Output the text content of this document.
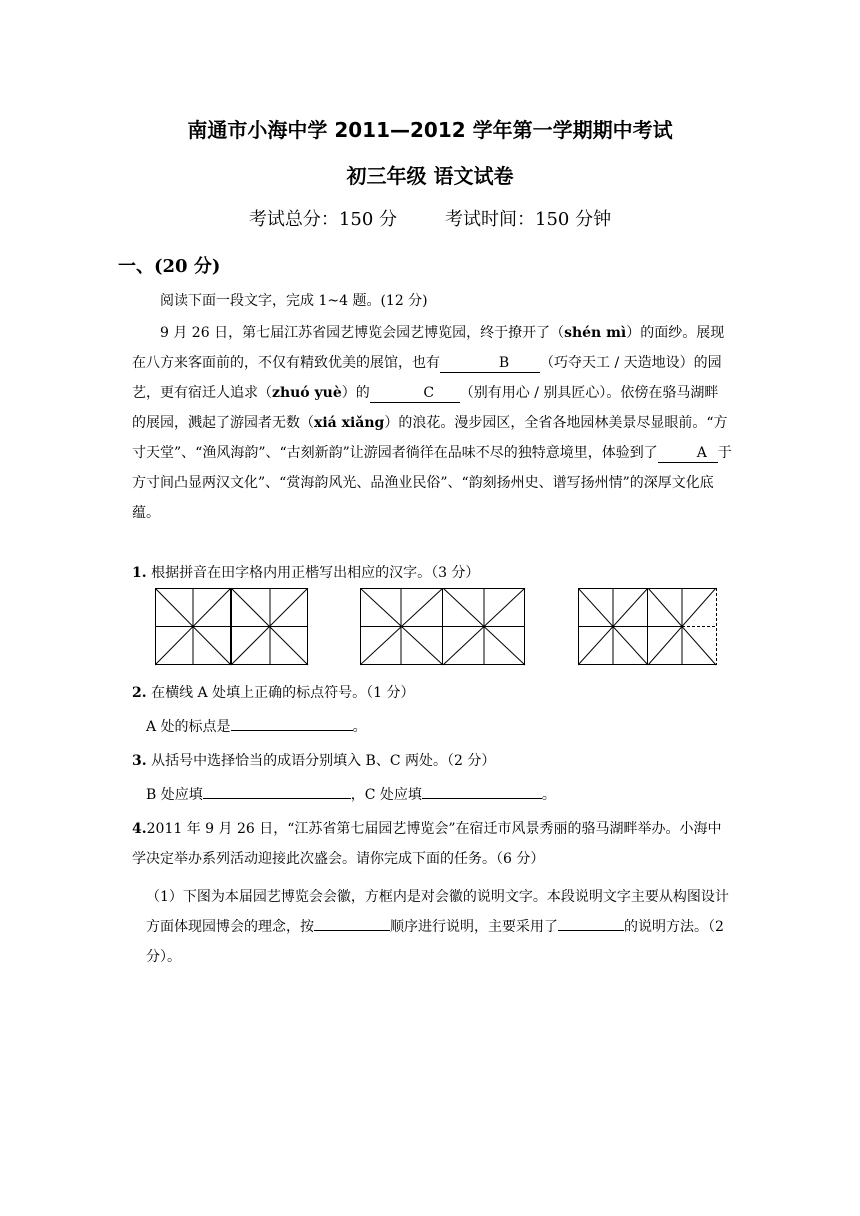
南通市小海中学 2011—2012 学年第一学期期中考试
初三年级 语文试卷
考试总分：150 分	考试时间：150 分钟
一、(20 分)
阅读下面一段文字，完成 1~4 题。(12 分)
9 月 26 日，第七届江苏省园艺博览会园艺博览园，终于撩开了（shén mì）的面纱。展现在八方来客面前的，不仅有精致优美的展馆，也有	B （巧夺天工 / 天造地设）的园艺，更有宿迁人追求（zhuó yuè）的	C （别有用心 / 别具匠心）。依傍在骆马湖畔的展园，溅起了游园者无数（xiá xiǎng）的浪花。漫步园区，全省各地园林美景尽显眼前。“方寸天堂”、“渔风海韵”、“古刻新韵”让游园者徜徉在品味不尽的独特意境里，体验到了	A 于方寸间凸显两汉文化”、“赏海韵风光、品渔业民俗”、“韵刻扬州史、谱写扬州情”的深厚文化底蕴。
1. 根据拼音在田字格内用正楷写出相应的汉字。（3 分）
2. 在横线 A 处填上正确的标点符号。（1 分）
A 处的标点是	。
3. 从括号中选择恰当的成语分别填入 B、C 两处。（2 分）
B 处应填	，C 处应填	。
4.2011 年 9 月 26 日，“江苏省第七届园艺博览会”在宿迁市风景秀丽的骆马湖畔举办。小海中学决定举办系列活动迎接此次盛会。请你完成下面的任务。（6 分）
（1）下图为本届园艺博览会会徽，方框内是对会徽的说明文字。本段说明文字主要从构图设计方面体现园博会的理念，按	顺序进行说明，主要采用了	的说明方法。（2 分）。
